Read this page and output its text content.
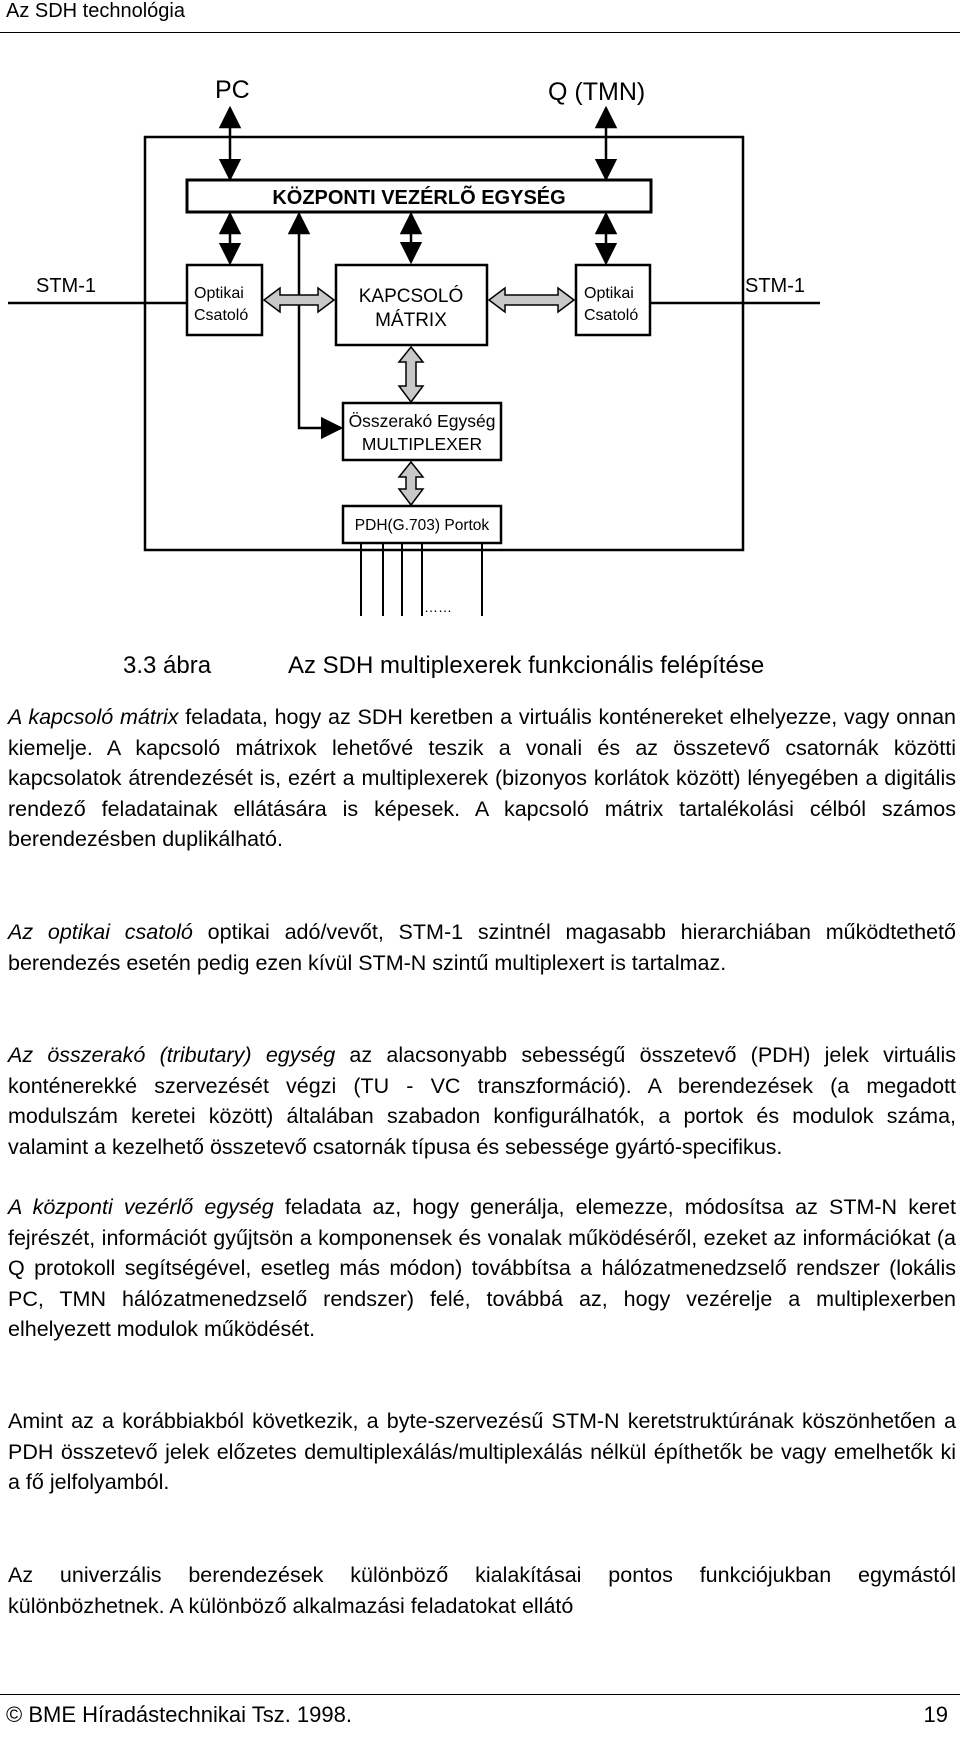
Az SDH technológia
PC	Q (TMN)
KÖZPONTI VEZÉRLÕ EGYSÉG
STM-1	STM-1
Optikai
Csatoló
KAPCSOLÓ
MÁTRIX
Optikai
Csatoló
Összerakó Egység
MULTIPLEXER
PDH(G.703) Portok
……
3.3 ábra	Az SDH multiplexerek funkcionális felépítése

A kapcsoló mátrix feladata, hogy az SDH keretben a virtuális konténereket elhelyezze, vagy onnan kiemelje. A kapcsoló mátrixok lehetővé teszik a vonali és az összetevő csatornák közötti kapcsolatok átrendezését is, ezért a multiplexerek (bizonyos korlátok között) lényegében a digitális rendező feladatainak ellátására is képesek. A kapcsoló mátrix tartalékolási célból számos berendezésben duplikálható.

Az optikai csatoló optikai adó/vevőt, STM-1 szintnél magasabb hierarchiában működtethető berendezés esetén pedig ezen kívül STM-N szintű multiplexert is tartalmaz.

Az összerakó (tributary) egység az alacsonyabb sebességű összetevő (PDH) jelek virtuális konténerekké szervezését végzi (TU - VC transzformáció). A berendezések (a megadott modulszám keretei között) általában szabadon konfigurálhatók, a portok és modulok száma, valamint a kezelhető összetevő csatornák típusa és sebessége gyártó-specifikus.

A központi vezérlő egység feladata az, hogy generálja, elemezze, módosítsa az STM-N keret fejrészét, információt gyűjtsön a komponensek és vonalak működéséről, ezeket az információkat (a Q protokoll segítségével, esetleg más módon) továbbítsa a hálózatmenedzselő rendszer (lokális PC, TMN hálózatmenedzselő rendszer) felé, továbbá az, hogy vezérelje a multiplexerben elhelyezett modulok működését.

Amint az a korábbiakból következik, a byte-szervezésű STM-N keretstruktúrának köszönhetően a PDH összetevő jelek előzetes demultiplexálás/multiplexálás nélkül építhetők be vagy emelhetők ki a fő jelfolyamból.

Az univerzális berendezések különböző kialakításai pontos funkciójukban egymástól különbözhetnek. A különböző alkalmazási feladatokat ellátó

© BME Híradástechnikai Tsz. 1998.	19
